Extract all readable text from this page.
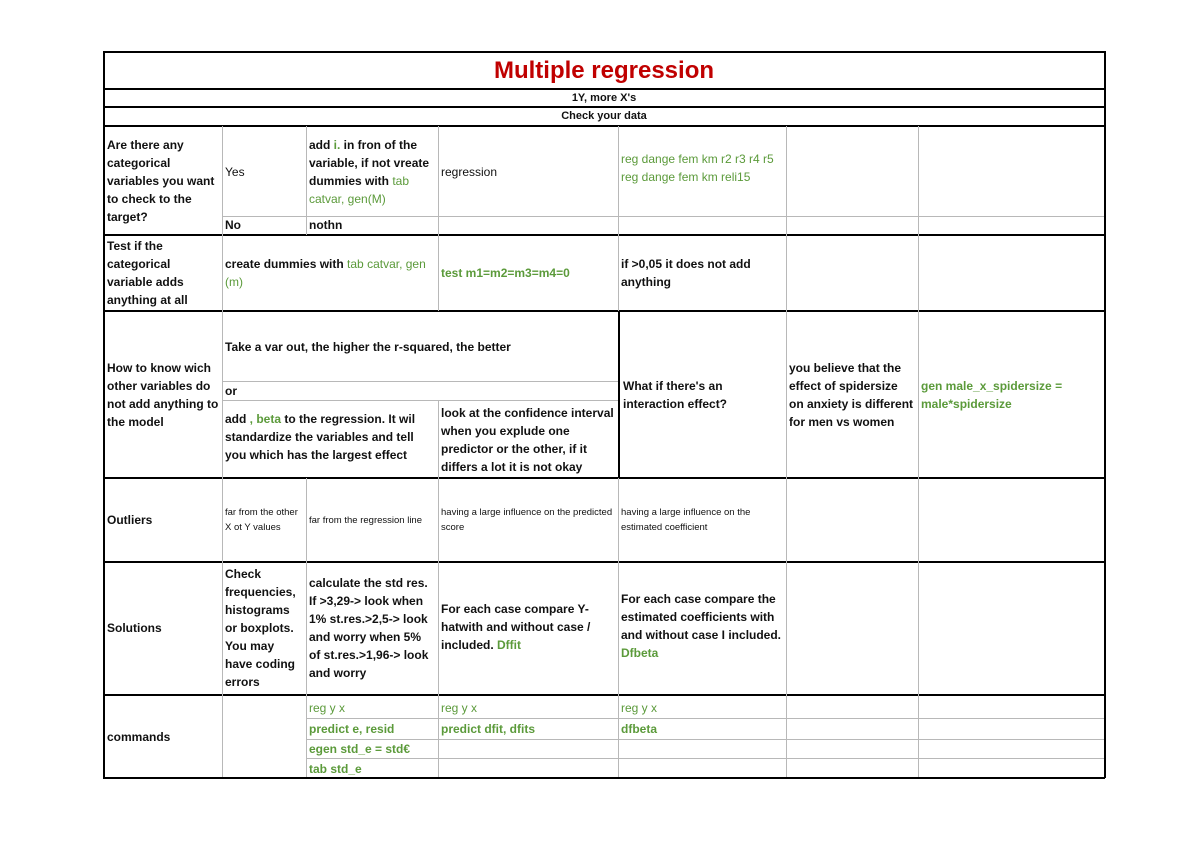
Multiple regression
1Y, more X's
Check your data
Are there any categorical variables you want to check to the target?
Yes
add i. in fron of the variable, if not vreate dummies with tab catvar, gen(M)
regression
reg dange fem km r2 r3 r4 r5
reg dange fem km reli15
No	nothn
Test if the categorical variable adds anything at all
create dummies with tab catvar, gen (m)
test m1=m2=m3=m4=0
if >0,05 it does not add anything
How to know wich other variables do not add anything to the model
Take a var out, the higher the r-squared, the better
or
add , beta to the regression. It wil standardize the variables and tell you which has the largest effect
look at the confidence interval when you explude one predictor or the other, if it differs a lot it is not okay
What if there's an interaction effect?
you believe that the effect of spidersize on anxiety is different for men vs women
gen male_x_spidersize = male*spidersize
Outliers
far from the other X ot Y values
far from the regression line
having a large influence on the predicted score
having a large influence on the estimated coefficient
Solutions
Check frequencies, histograms or boxplots. You may have coding errors
calculate the std res. If >3,29-> look when 1% st.res.>2,5-> look and worry when 5% of st.res.>1,96-> look and worry
For each case compare Y-hatwith and without case / included. Dffit
For each case compare the estimated coefficients with and without case I included. Dfbeta
commands
reg y x
predict e, resid
egen std_e = std€
tab std_e
reg y x
predict dfit, dfits
reg y x
dfbeta
